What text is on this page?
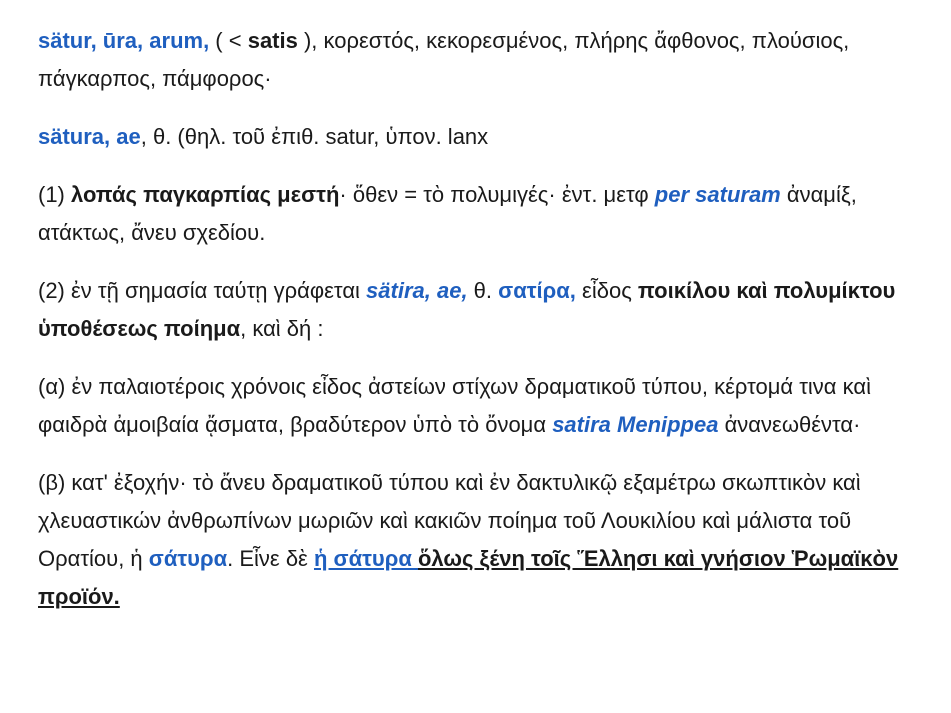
sätur, ūra, arum, ( < satis ), κορεστός, κεκορεσμένος, πλήρης ἄφθονος, πλούσιος, πάγκαρπος, πάμφορος·

sätura, ae, θ. (θηλ. τοῦ ἐπιθ. satur, ὑπον. lanx

(1) λοπάς παγκαρπίας μεστή· ὅθεν = τὸ πολυμιγές· ἐντ. μετφ per saturam ἀναμίξ, ατάκτως, ἄνευ σχεδίου.

(2) ἐν τῇ σημασία ταύτῃ γράφεται sätira, ae, θ. σατίρα, εἶδος ποικίλου καὶ πολυμίκτου ὑποθέσεως ποίημα, καὶ δή :

(α) ἐν παλαιοτέροις χρόνοις εἶδος ἀστείων στίχων δραματικοῦ τύπου, κέρτομά τινα καὶ φαιδρὰ ἀμοιβαία ᾄσματα, βραδύτερον ὑπὸ τὸ ὄνομα satira Menippea ἀνανεωθέντα·

(β) κατ' ἐξοχήν· τὸ ἄνευ δραματικοῦ τύπου καὶ ἐν δακτυλικῷ εξαμέτρω σκωπτικὸν καὶ χλευαστικών ἀνθρωπίνων μωριῶν καὶ κακιῶν ποίημα τοῦ Λουκιλίου καὶ μάλιστα τοῦ Ορατίου, ἡ σάτυρα. Εἶνε δὲ ἡ σάτυρα ὅλως ξένη τοῖς Ἕλλησι καὶ γνήσιον Ῥωμαϊκὸν προϊόν.
